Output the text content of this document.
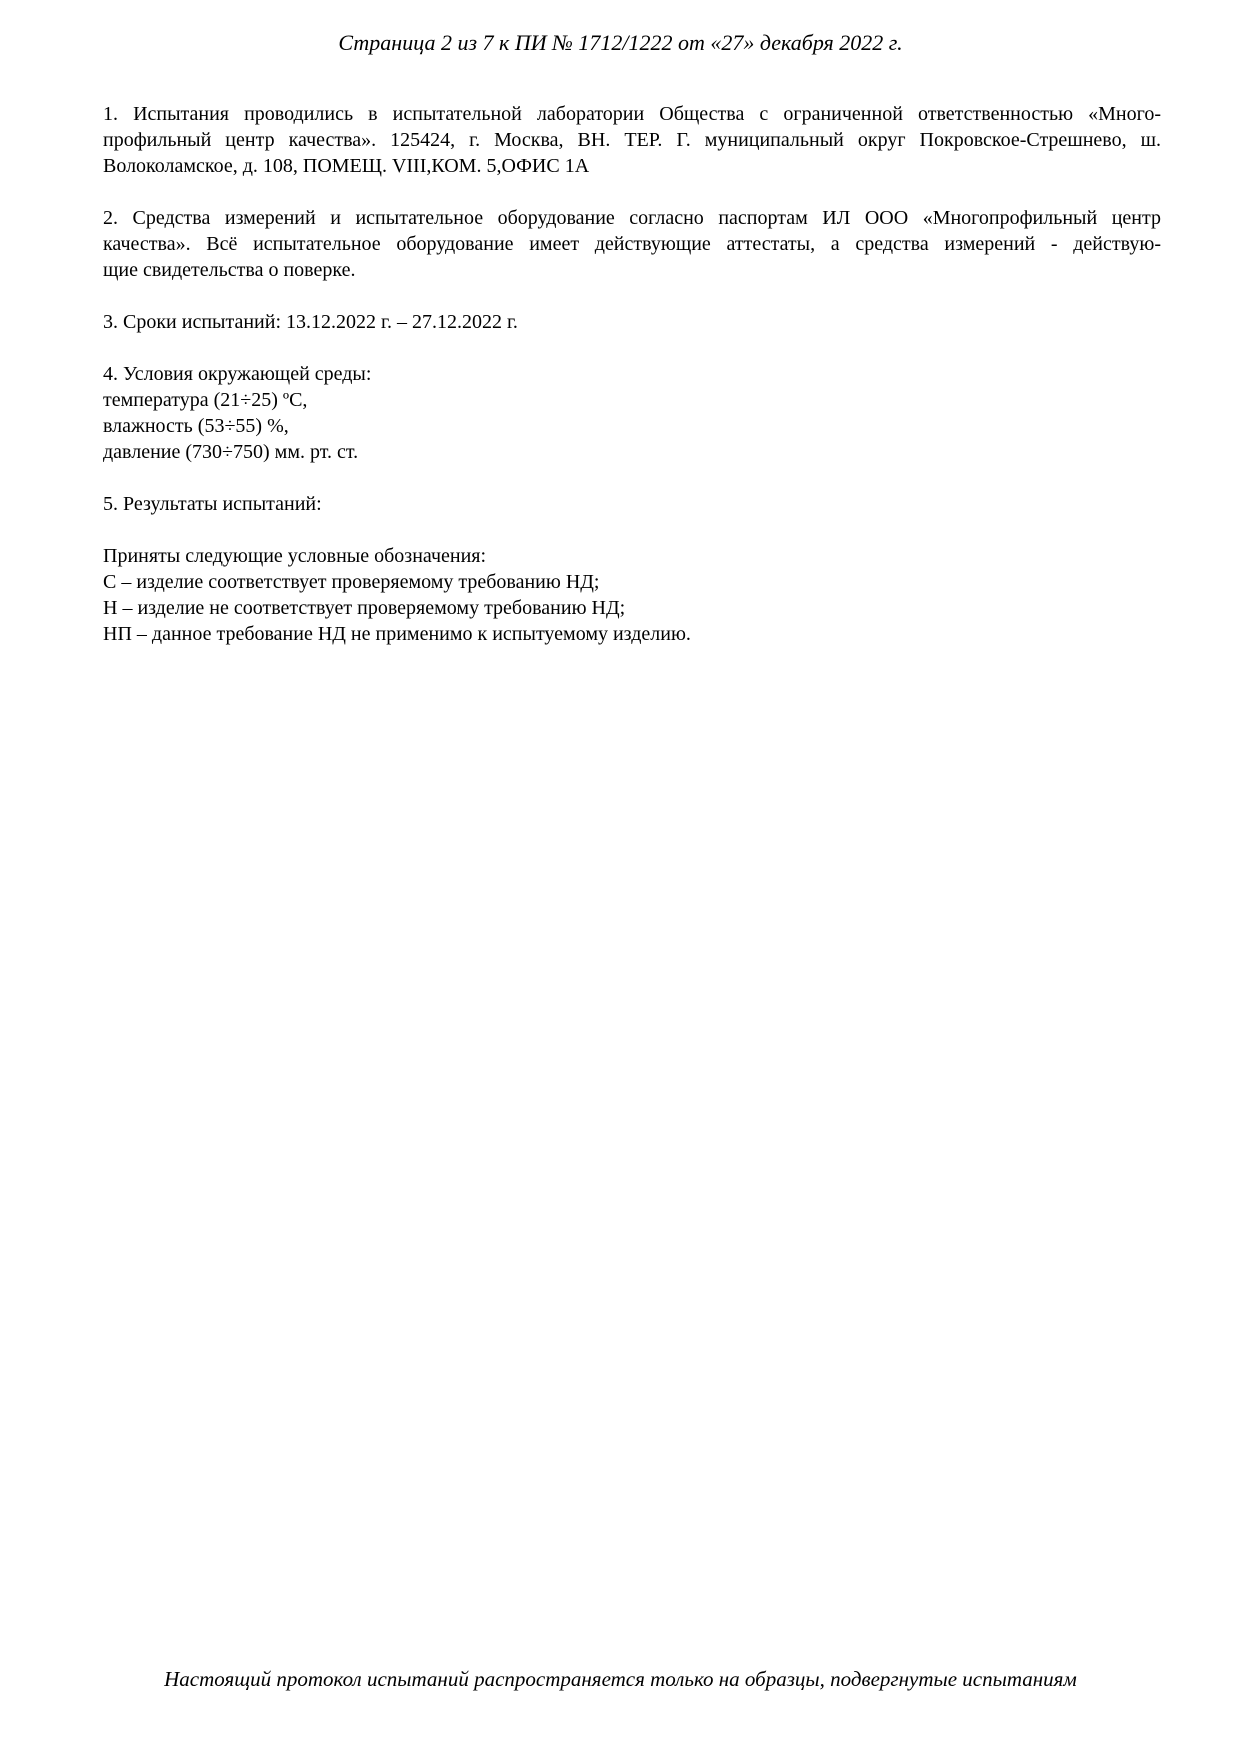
Страница 2 из 7 к ПИ № 1712/1222 от «27» декабря 2022 г.
1. Испытания проводились в испытательной лаборатории Общества с ограниченной ответственностью «Много-
профильный центр качества». 125424, г. Москва, ВН. ТЕР. Г. муниципальный округ Покровское-Стрешнево, ш.
Волоколамское, д. 108, ПОМЕЩ. VIII,КОМ. 5,ОФИС 1А
2. Средства измерений и испытательное оборудование согласно паспортам ИЛ ООО «Многопрофильный центр
качества». Всё испытательное оборудование имеет действующие аттестаты, а средства измерений - действую-
щие свидетельства о поверке.
3. Сроки испытаний: 13.12.2022 г. – 27.12.2022 г.
4. Условия окружающей среды:
температура (21÷25) ºС,
влажность (53÷55) %,
давление (730÷750) мм. рт. ст.
5. Результаты испытаний:
Приняты следующие условные обозначения:
С – изделие соответствует проверяемому требованию НД;
Н – изделие не соответствует проверяемому требованию НД;
НП – данное требование НД не применимо к испытуемому изделию.
Настоящий протокол испытаний распространяется только на образцы, подвергнутые испытаниям
